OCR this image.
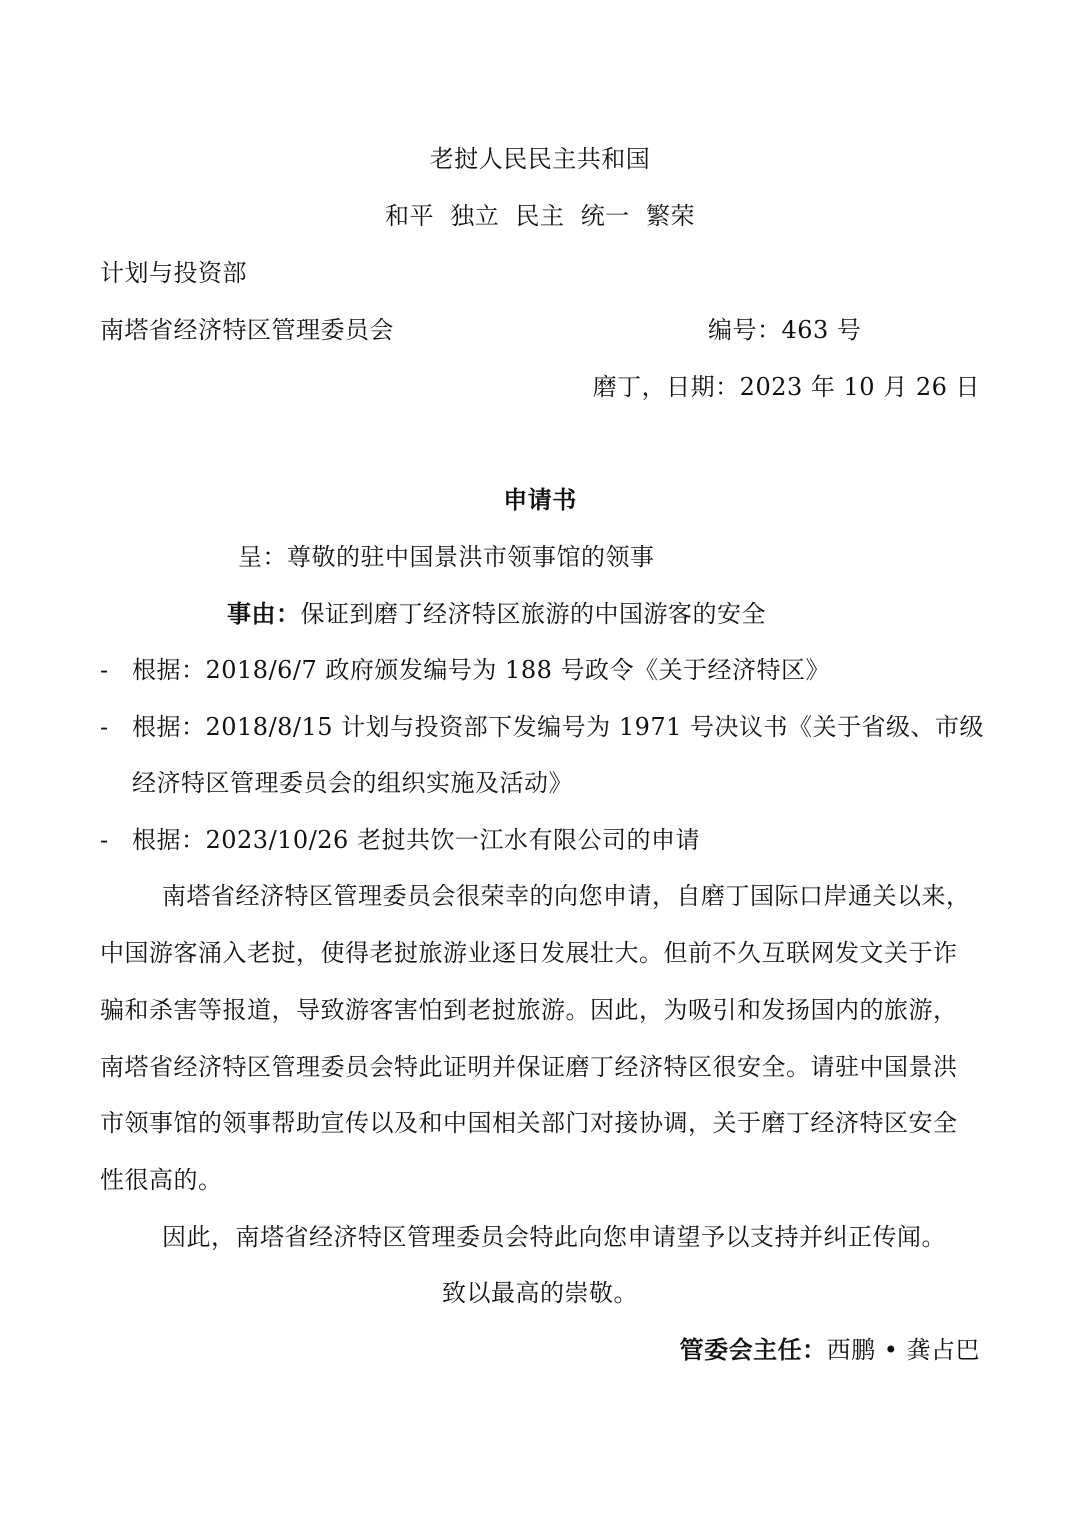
老挝人民民主共和国
和平  独立  民主  统一  繁荣
计划与投资部
南塔省经济特区管理委员会	编号：463 号
磨丁，日期：2023 年 10 月 26 日
申请书
呈：尊敬的驻中国景洪市领事馆的领事
事由：保证到磨丁经济特区旅游的中国游客的安全
- 根据：2018/6/7 政府颁发编号为 188 号政令《关于经济特区》
- 根据：2018/8/15 计划与投资部下发编号为 1971 号决议书《关于省级、市级
经济特区管理委员会的组织实施及活动》
- 根据：2023/10/26 老挝共饮一江水有限公司的申请
南塔省经济特区管理委员会很荣幸的向您申请，自磨丁国际口岸通关以来，
中国游客涌入老挝，使得老挝旅游业逐日发展壮大。但前不久互联网发文关于诈
骗和杀害等报道，导致游客害怕到老挝旅游。因此，为吸引和发扬国内的旅游，
南塔省经济特区管理委员会特此证明并保证磨丁经济特区很安全。请驻中国景洪
市领事馆的领事帮助宣传以及和中国相关部门对接协调，关于磨丁经济特区安全
性很高的。
因此，南塔省经济特区管理委员会特此向您申请望予以支持并纠正传闻。
致以最高的崇敬。
管委会主任：西鹏 • 龚占巴
